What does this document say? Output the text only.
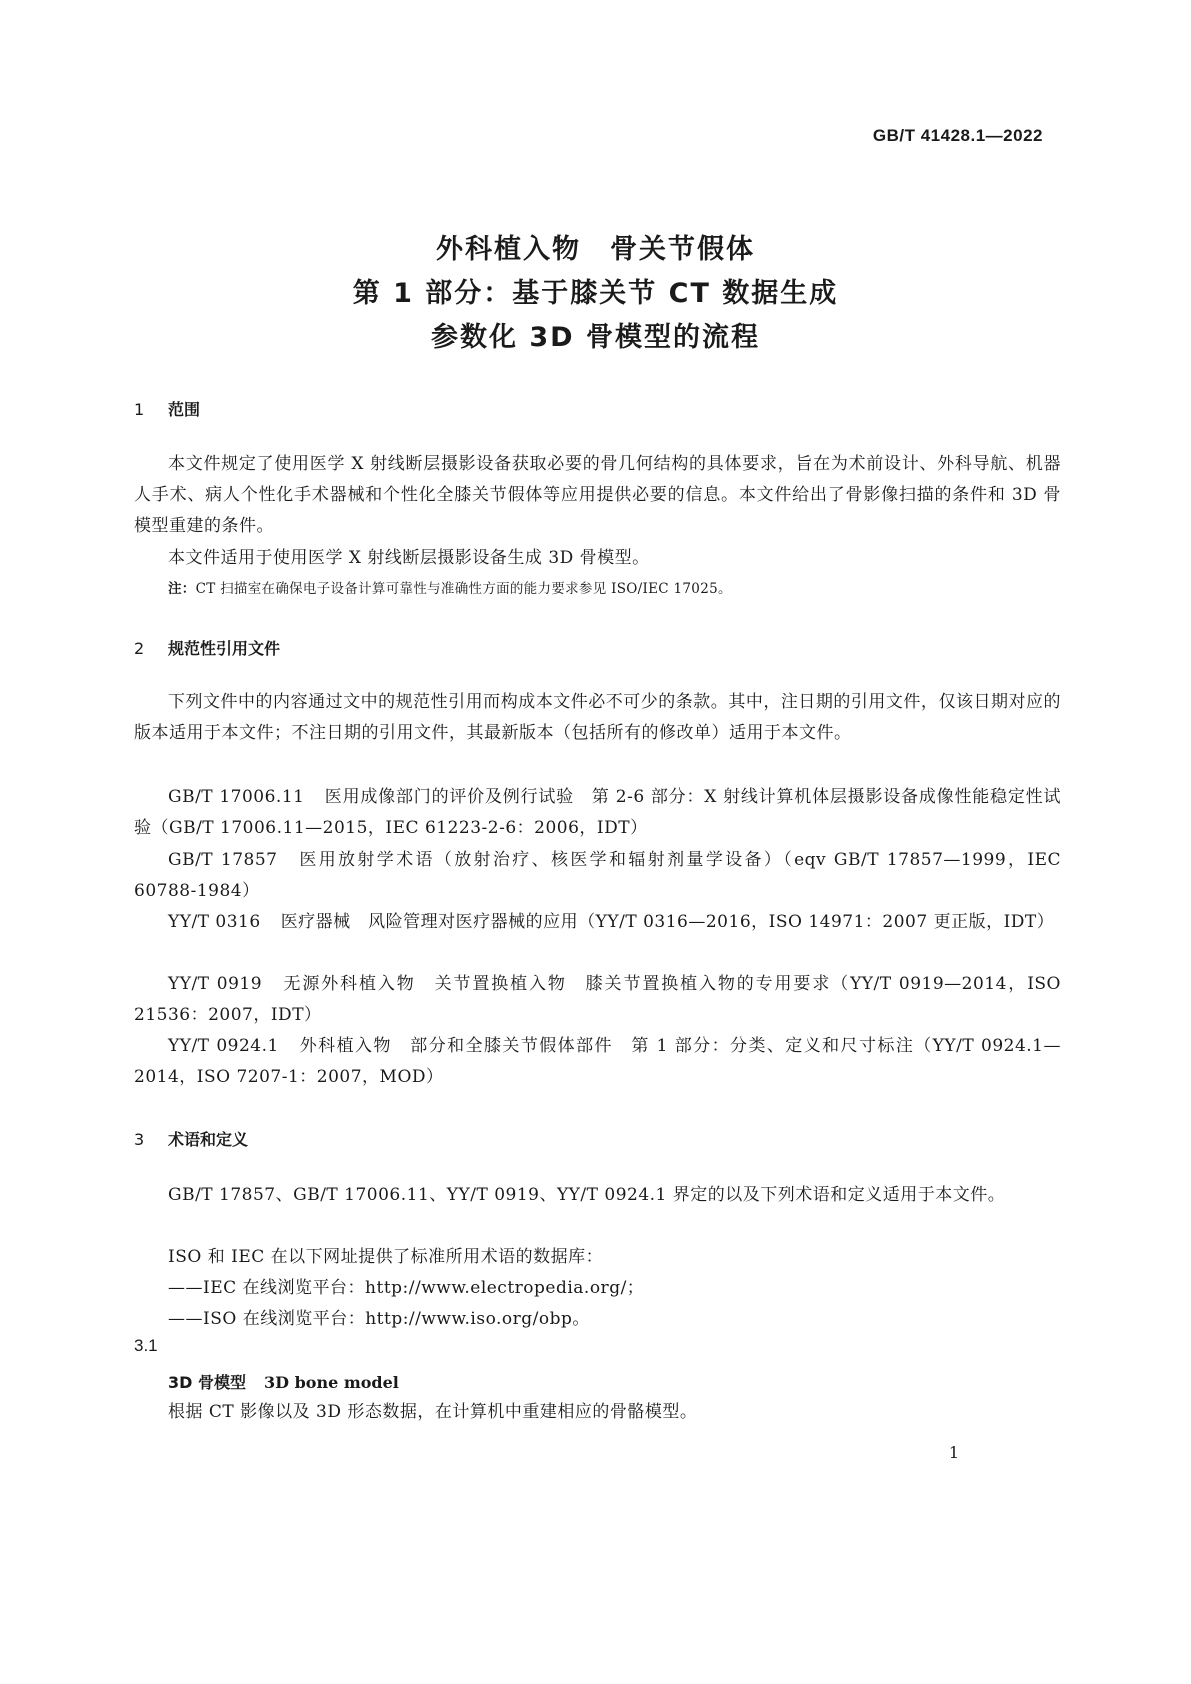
GB/T 41428.1—2022
外科植入物　骨关节假体
第 1 部分：基于膝关节 CT 数据生成
参数化 3D 骨模型的流程
1 范围
本文件规定了使用医学 X 射线断层摄影设备获取必要的骨几何结构的具体要求，旨在为术前设计、外科导航、机器人手术、病人个性化手术器械和个性化全膝关节假体等应用提供必要的信息。本文件给出了骨影像扫描的条件和 3D 骨模型重建的条件。
本文件适用于使用医学 X 射线断层摄影设备生成 3D 骨模型。
注：CT 扫描室在确保电子设备计算可靠性与准确性方面的能力要求参见 ISO/IEC 17025。
2 规范性引用文件
下列文件中的内容通过文中的规范性引用而构成本文件必不可少的条款。其中，注日期的引用文件，仅该日期对应的版本适用于本文件；不注日期的引用文件，其最新版本（包括所有的修改单）适用于本文件。
GB/T 17006.11 医用成像部门的评价及例行试验　第 2-6 部分：X 射线计算机体层摄影设备成像性能稳定性试验（GB/T 17006.11—2015，IEC 61223-2-6：2006，IDT）
GB/T 17857 医用放射学术语（放射治疗、核医学和辐射剂量学设备）（eqv GB/T 17857—1999，IEC 60788-1984）
YY/T 0316 医疗器械　风险管理对医疗器械的应用（YY/T 0316—2016，ISO 14971：2007 更正版，IDT）
YY/T 0919 无源外科植入物　关节置换植入物　膝关节置换植入物的专用要求（YY/T 0919—2014，ISO 21536：2007，IDT）
YY/T 0924.1 外科植入物　部分和全膝关节假体部件　第 1 部分：分类、定义和尺寸标注（YY/T 0924.1—2014，ISO 7207-1：2007，MOD）
3 术语和定义
GB/T 17857、GB/T 17006.11、YY/T 0919、YY/T 0924.1 界定的以及下列术语和定义适用于本文件。
ISO 和 IEC 在以下网址提供了标准所用术语的数据库：
——IEC 在线浏览平台：http://www.electropedia.org/；
——ISO 在线浏览平台：http://www.iso.org/obp。
3.1
3D 骨模型 3D bone model
根据 CT 影像以及 3D 形态数据，在计算机中重建相应的骨骼模型。
1
